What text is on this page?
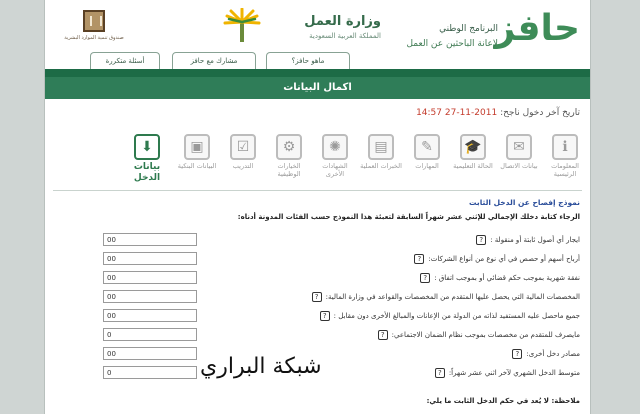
حافز
البرنامج الوطني
لإعانة الباحثين عن العمل
وزارة العمل
المملكة العربية السعودية
صندوق تنمية الموارد البشرية
ماهو حافز؟
مشارك مع حافز
أسئلة متكررة
اكمال البيانات
تاريخ آخر دخول ناجح: 2011-11-27 14:57
ℹ
المعلومات الرئيسية
✉
بيانات الاتصال
🎓
الحالة التعليمية
✎
المهارات
▤
الخبرات العملية
✺
الشهادات الأخرى
⚙
الخيارات الوظيفية
☑
التدريب
▣
البيانات البنكية
⬇
بيانات الدخل
نموذج إفصاح عن الدخل الثابت
الرجاء كتابة دخلك الإجمالي للإثني عشر شهراً السابقة لتعبئة هذا النموذج حسب الفئات المدونة أدناه:
ايجار أي أصول ثابتة أو منقولة :?
00
أرباح أسهم أو حصص في أي نوع من أنواع الشركات:?
00
نفقة شهرية بموجب حكم قضائي أو بموجب اتفاق :?
00
المخصصات المالية التي يحصل عليها المتقدم من المخصصات والقواعد في وزارة المالية:?
00
جميع ماحصل عليه المستفيد لذاته من الدولة من الإعانات والمبالغ الأخرى دون مقابل :?
00
مايصرف للمتقدم من مخصصات بموجب نظام الضمان الاجتماعي:?
0
مصادر دخل أخرى:?
00
متوسط الدخل الشهري لآخر اثني عشر شهراً:?
0
ملاحظة: لا يُعد في حكم الدخل الثابت ما يلي:
شبكة البراري
